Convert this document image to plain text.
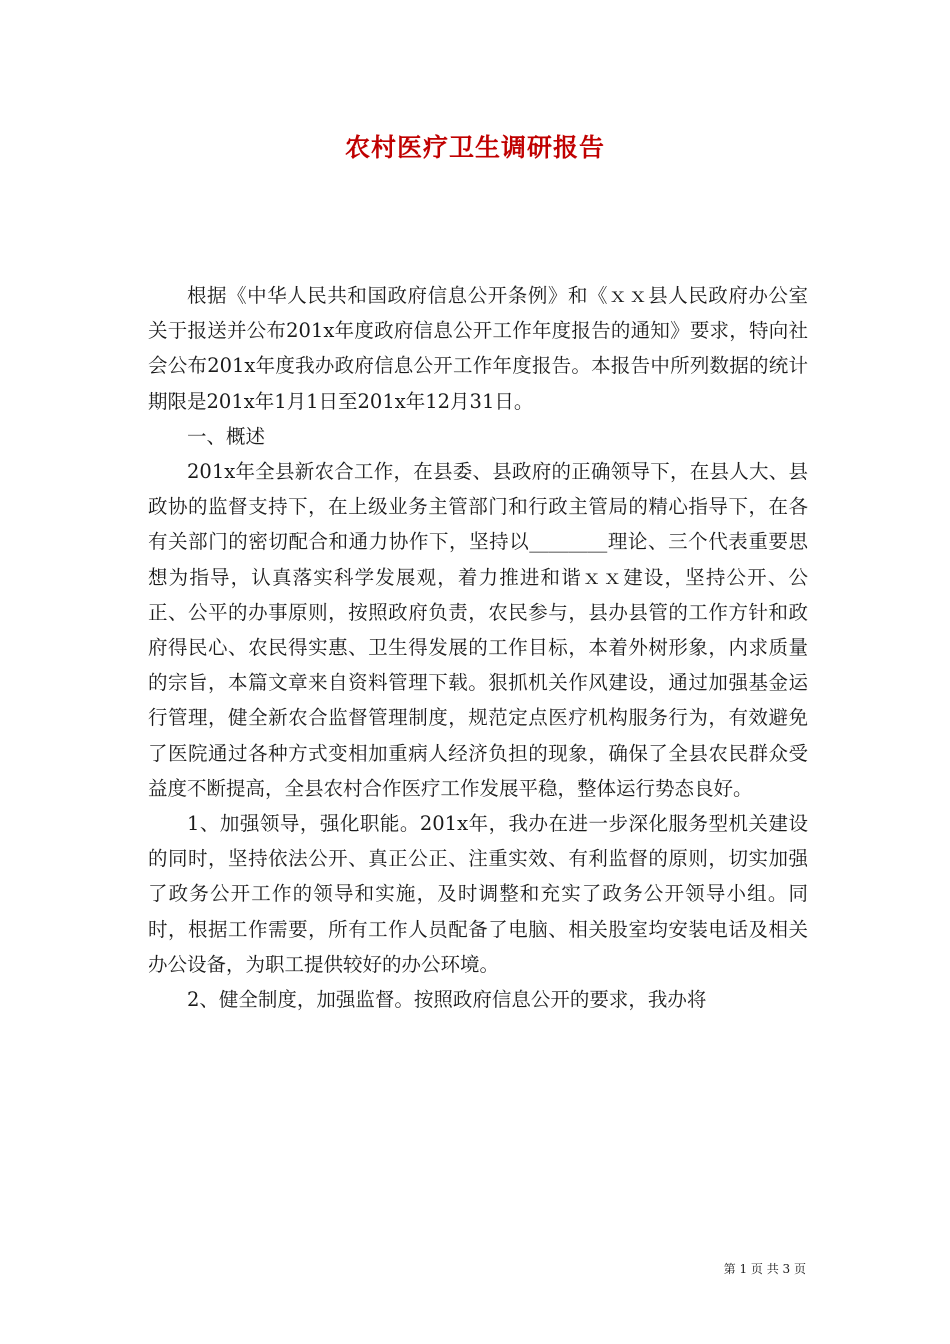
农村医疗卫生调研报告

根据《中华人民共和国政府信息公开条例》和《ｘｘ县人民政府办公室关于报送并公布201x年度政府信息公开工作年度报告的通知》要求，特向社会公布201x年度我办政府信息公开工作年度报告。本报告中所列数据的统计期限是201x年1月1日至201x年12月31日。

一、概述

201x年全县新农合工作，在县委、县政府的正确领导下，在县人大、县政协的监督支持下，在上级业务主管部门和行政主管局的精心指导下，在各有关部门的密切配合和通力协作下，坚持以________理论、三个代表重要思想为指导，认真落实科学发展观，着力推进和谐ｘｘ建设，坚持公开、公正、公平的办事原则，按照政府负责，农民参与，县办县管的工作方针和政府得民心、农民得实惠、卫生得发展的工作目标，本着外树形象，内求质量的宗旨，本篇文章来自资料管理下载。狠抓机关作风建设，通过加强基金运行管理，健全新农合监督管理制度，规范定点医疗机构服务行为，有效避免了医院通过各种方式变相加重病人经济负担的现象，确保了全县农民群众受益度不断提高，全县农村合作医疗工作发展平稳，整体运行势态良好。

1、加强领导，强化职能。201x年，我办在进一步深化服务型机关建设的同时，坚持依法公开、真正公正、注重实效、有利监督的原则，切实加强了政务公开工作的领导和实施，及时调整和充实了政务公开领导小组。同时，根据工作需要，所有工作人员配备了电脑、相关股室均安装电话及相关办公设备，为职工提供较好的办公环境。

2、健全制度，加强监督。按照政府信息公开的要求，我办将

第 1 页 共 3 页
